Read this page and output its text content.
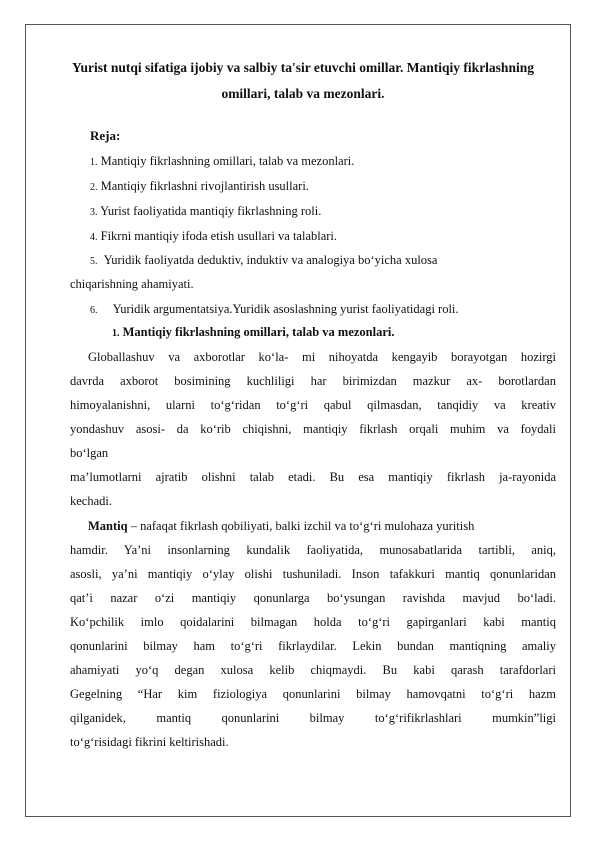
Yurist nutqi sifatiga ijobiy va salbiy ta'sir etuvchi omillar. Mantiqiy fikrlashning omillari, talab va mezonlari.
Reja:
1. Mantiqiy fikrlashning omillari, talab va mezonlari.
2. Mantiqiy fikrlashni rivojlantirish usullari.
3. Yurist faoliyatida mantiqiy fikrlashning roli.
4. Fikrni mantiqiy ifoda etish usullari va talablari.
5. Yuridik faoliyatda deduktiv, induktiv va analogiya bo‘yicha xulosa
chiqarishning ahamiyati.
6. Yuridik argumentatsiya.Yuridik asoslashning yurist faoliyatidagi roli.
1. Mantiqiy fikrlashning omillari, talab va mezonlari.
Globallashuv va axborotlar ko‘la- mi nihoyatda kengayib borayotgan hozirgi
davrda axborot bosimining kuchliligi har birimizdan mazkur ax- borotlardan
himoyalanishni, ularni to‘g‘ridan to‘g‘ri qabul qilmasdan, tanqidiy va kreativ
yondashuv asosi- da ko‘rib chiqishni, mantiqiy fikrlash orqali muhim va foydali
bo‘lgan
ma’lumotlarni ajratib olishni talab etadi. Bu esa mantiqiy fikrlash ja-rayonida
kechadi.
Mantiq – nafaqat fikrlash qobiliyati, balki izchil va to‘g‘ri mulohaza yuritish
hamdir. Ya’ni insonlarning kundalik faoliyatida, munosabatlarida tartibli, aniq,
asosli, ya’ni mantiqiy o‘ylay olishi tushuniladi. Inson tafakkuri mantiq qonunlaridan
qat’i nazar o‘zi mantiqiy qonunlarga bo‘ysungan ravishda mavjud bo‘ladi.
Ko‘pchilik imlo qoidalarini bilmagan holda to‘g‘ri gapirganlari kabi mantiq
qonunlarini bilmay ham to‘g‘ri fikrlaydilar. Lekin bundan mantiqning amaliy
ahamiyati yo‘q degan xulosa kelib chiqmaydi. Bu kabi qarash tarafdorlari
Gegelning “Har kim fiziologiya qonunlarini bilmay hamovqatni to‘g‘ri hazm
qilganidek, mantiq qonunlarini bilmay to‘g‘rifikrlashlari mumkin”ligi
to‘g‘risidagi fikrini keltirishadi.
